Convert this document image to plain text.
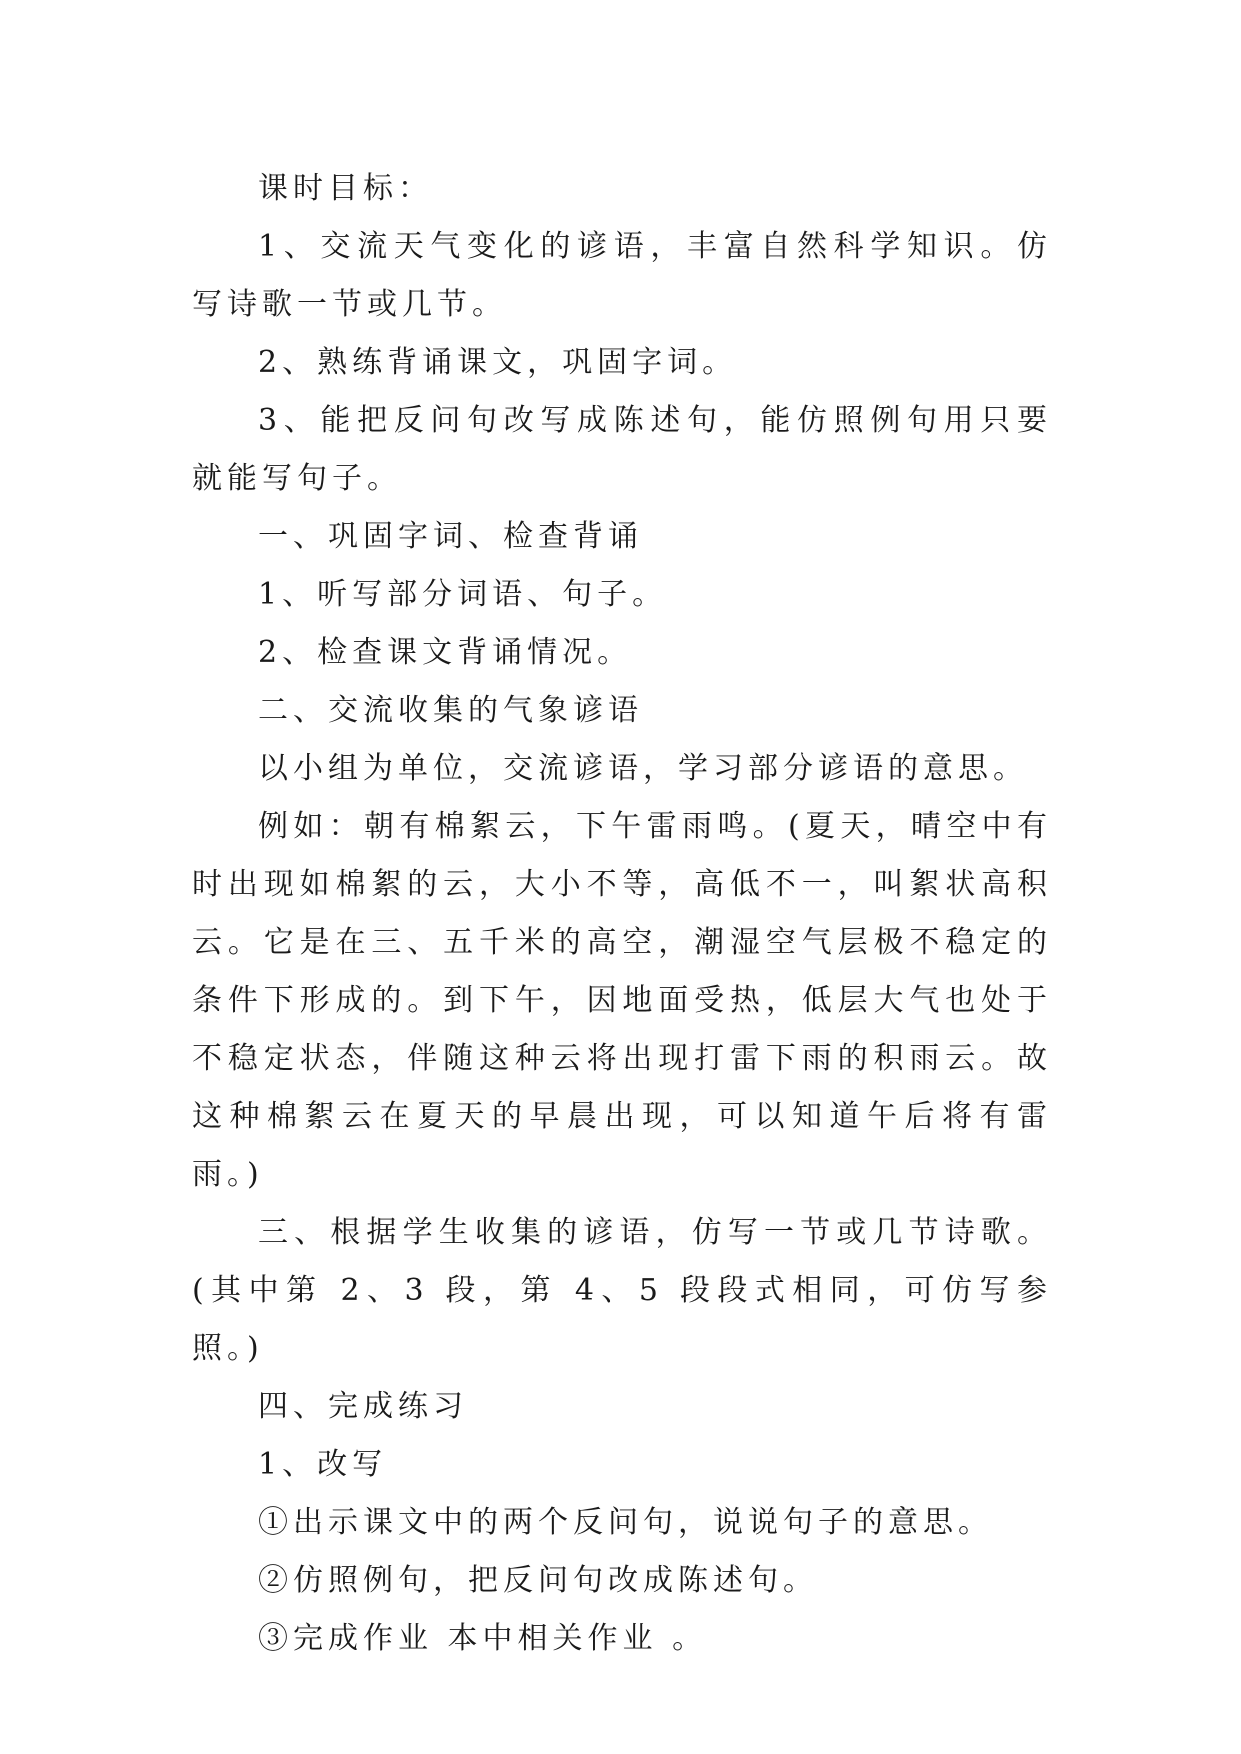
课时目标：

1、交流天气变化的谚语，丰富自然科学知识。仿写诗歌一节或几节。

2、熟练背诵课文，巩固字词。

3、能把反问句改写成陈述句，能仿照例句用只要就能写句子。

一、巩固字词、检查背诵

1、听写部分词语、句子。

2、检查课文背诵情况。

二、交流收集的气象谚语

以小组为单位，交流谚语，学习部分谚语的意思。

例如：朝有棉絮云，下午雷雨鸣。(夏天，晴空中有时出现如棉絮的云，大小不等，高低不一，叫絮状高积云。它是在三、五千米的高空，潮湿空气层极不稳定的条件下形成的。到下午，因地面受热，低层大气也处于不稳定状态，伴随这种云将出现打雷下雨的积雨云。故这种棉絮云在夏天的早晨出现，可以知道午后将有雷雨。)

三、根据学生收集的谚语，仿写一节或几节诗歌。(其中第 2、3 段，第 4、5 段段式相同，可仿写参照。)

四、完成练习

1、改写

①出示课文中的两个反问句，说说句子的意思。

②仿照例句，把反问句改成陈述句。

③完成作业 本中相关作业 。
